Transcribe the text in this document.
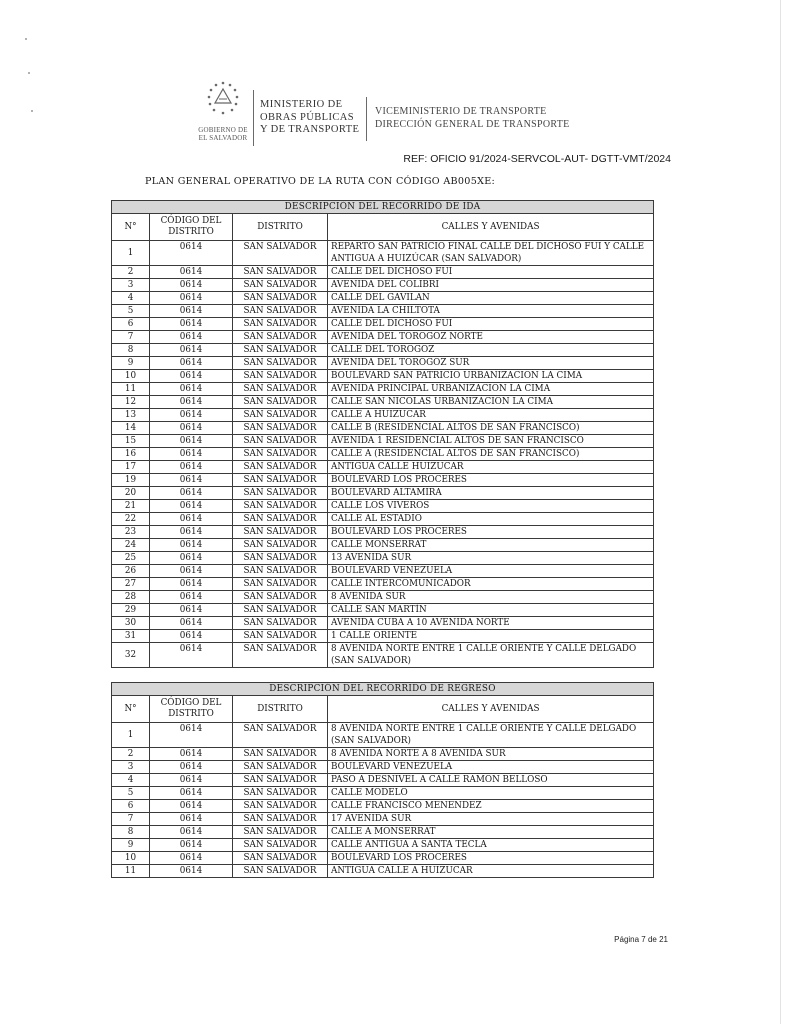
GOBIERNO DE
EL SALVADOR
MINISTERIO DE
OBRAS PÚBLICAS
Y DE TRANSPORTE
VICEMINISTERIO DE TRANSPORTE
DIRECCIÓN GENERAL DE TRANSPORTE
REF: OFICIO 91/2024-SERVCOL-AUT- DGTT-VMT/2024
PLAN GENERAL OPERATIVO DE LA RUTA CON CÓDIGO AB005XE:
DESCRIPCIÓN DEL RECORRIDO DE IDA			
N°	CÓDIGO DEL DISTRITO	DISTRITO	CALLES Y AVENIDAS
1	0614	SAN SALVADOR	REPARTO SAN PATRICIO FINAL CALLE DEL DICHOSO FUI Y CALLE ANTIGUA A HUIZÚCAR (SAN SALVADOR)
2	0614	SAN SALVADOR	CALLE DEL DICHOSO FUI
3	0614	SAN SALVADOR	AVENIDA DEL COLIBRI
4	0614	SAN SALVADOR	CALLE DEL GAVILAN
5	0614	SAN SALVADOR	AVENIDA LA CHILTOTA
6	0614	SAN SALVADOR	CALLE DEL DICHOSO FUI
7	0614	SAN SALVADOR	AVENIDA DEL TOROGOZ NORTE
8	0614	SAN SALVADOR	CALLE DEL TOROGOZ
9	0614	SAN SALVADOR	AVENIDA DEL TOROGOZ SUR
10	0614	SAN SALVADOR	BOULEVARD SAN PATRICIO URBANIZACION LA CIMA
11	0614	SAN SALVADOR	AVENIDA PRINCIPAL URBANIZACION LA CIMA
12	0614	SAN SALVADOR	CALLE SAN NICOLAS URBANIZACION LA CIMA
13	0614	SAN SALVADOR	CALLE A HUIZUCAR
14	0614	SAN SALVADOR	CALLE B (RESIDENCIAL ALTOS DE SAN FRANCISCO)
15	0614	SAN SALVADOR	AVENIDA 1 RESIDENCIAL ALTOS DE SAN FRANCISCO
16	0614	SAN SALVADOR	CALLE A (RESIDENCIAL ALTOS DE SAN FRANCISCO)
17	0614	SAN SALVADOR	ANTIGUA CALLE HUIZUCAR
19	0614	SAN SALVADOR	BOULEVARD LOS PROCERES
20	0614	SAN SALVADOR	BOULEVARD ALTAMIRA
21	0614	SAN SALVADOR	CALLE LOS VIVEROS
22	0614	SAN SALVADOR	CALLE AL ESTADIO
23	0614	SAN SALVADOR	BOULEVARD LOS PROCERES
24	0614	SAN SALVADOR	CALLE MONSERRAT
25	0614	SAN SALVADOR	13 AVENIDA SUR
26	0614	SAN SALVADOR	BOULEVARD VENEZUELA
27	0614	SAN SALVADOR	CALLE INTERCOMUNICADOR
28	0614	SAN SALVADOR	8 AVENIDA SUR
29	0614	SAN SALVADOR	CALLE SAN MARTÍN
30	0614	SAN SALVADOR	AVENIDA CUBA A 10 AVENIDA NORTE
31	0614	SAN SALVADOR	1 CALLE ORIENTE
32	0614	SAN SALVADOR	8 AVENIDA NORTE ENTRE 1 CALLE ORIENTE Y CALLE DELGADO (SAN SALVADOR)
DESCRIPCIÓN DEL RECORRIDO DE REGRESO			
N°	CÓDIGO DEL DISTRITO	DISTRITO	CALLES Y AVENIDAS
1	0614	SAN SALVADOR	8 AVENIDA NORTE ENTRE 1 CALLE ORIENTE Y CALLE DELGADO (SAN SALVADOR)
2	0614	SAN SALVADOR	8 AVENIDA NORTE A 8 AVENIDA SUR
3	0614	SAN SALVADOR	BOULEVARD VENEZUELA
4	0614	SAN SALVADOR	PASO A DESNIVEL A CALLE RAMON BELLOSO
5	0614	SAN SALVADOR	CALLE MODELO
6	0614	SAN SALVADOR	CALLE FRANCISCO MENENDEZ
7	0614	SAN SALVADOR	17 AVENIDA SUR
8	0614	SAN SALVADOR	CALLE A MONSERRAT
9	0614	SAN SALVADOR	CALLE ANTIGUA A SANTA TECLA
10	0614	SAN SALVADOR	BOULEVARD LOS PROCERES
11	0614	SAN SALVADOR	ANTIGUA CALLE A HUIZUCAR
Página 7 de 21
